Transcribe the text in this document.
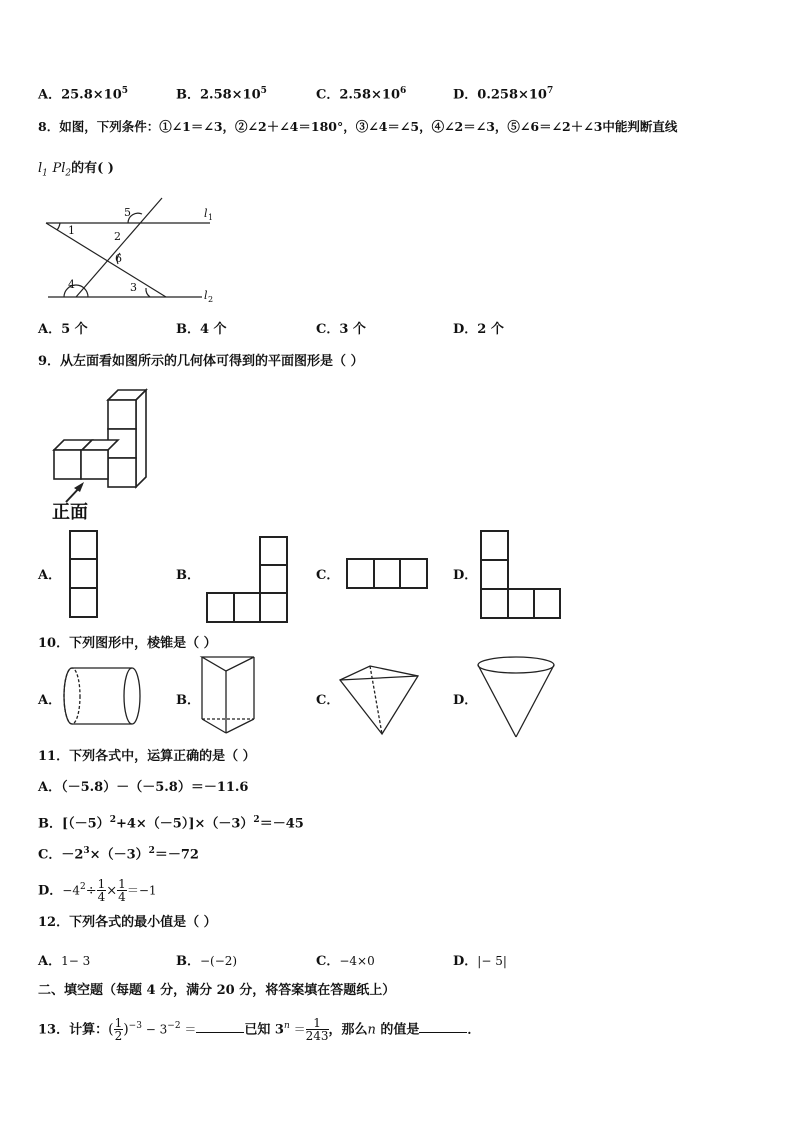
A．$25.8\times 10^5$	B．$2.58\times 10^5$	C．$2.58\times 10^6$	D．$0.258\times 10^7$
8．如图，下列条件：①∠1＝∠3，②∠2＋∠4＝180°，③∠4＝∠5，④∠2＝∠3，⑤∠6＝∠2＋∠3中能判断直线
$l_1$ $Pl_2$的有( )
1	2
3
4
5
6
l 1
l 2
A．5 个	B．4 个	C．3 个	D．2 个
9．从左面看如图所示的几何体可得到的平面图形是（ ）
正面
A．	B．	C．	D．
10．下列图形中，棱锥是（ ）
A．	B．	C．	D．
11．下列各式中，运算正确的是（ ）
A．（－5.8）－（－5.8）＝－11.6
B．$[(-5)^2+4\times(-5)]\times(-3)^2=-45$
C．$-2^3\times(-3)^2=-72$
D．$-4^2\div \frac{1}{4} \times \frac{1}{4} =-1$
12．下列各式的最小值是（ ）
A．1− 3	B．−(−2)	C．−4×0	D．|− 5|
二、填空题（每题 4 分，满分 20 分，将答案填在答题纸上）
13．计算：( $\frac{1}{2} )^{-3} - 3^{-2}$ ＝	已知 $3^n = \frac{1}{243}$ ，那么n 的值是	．
